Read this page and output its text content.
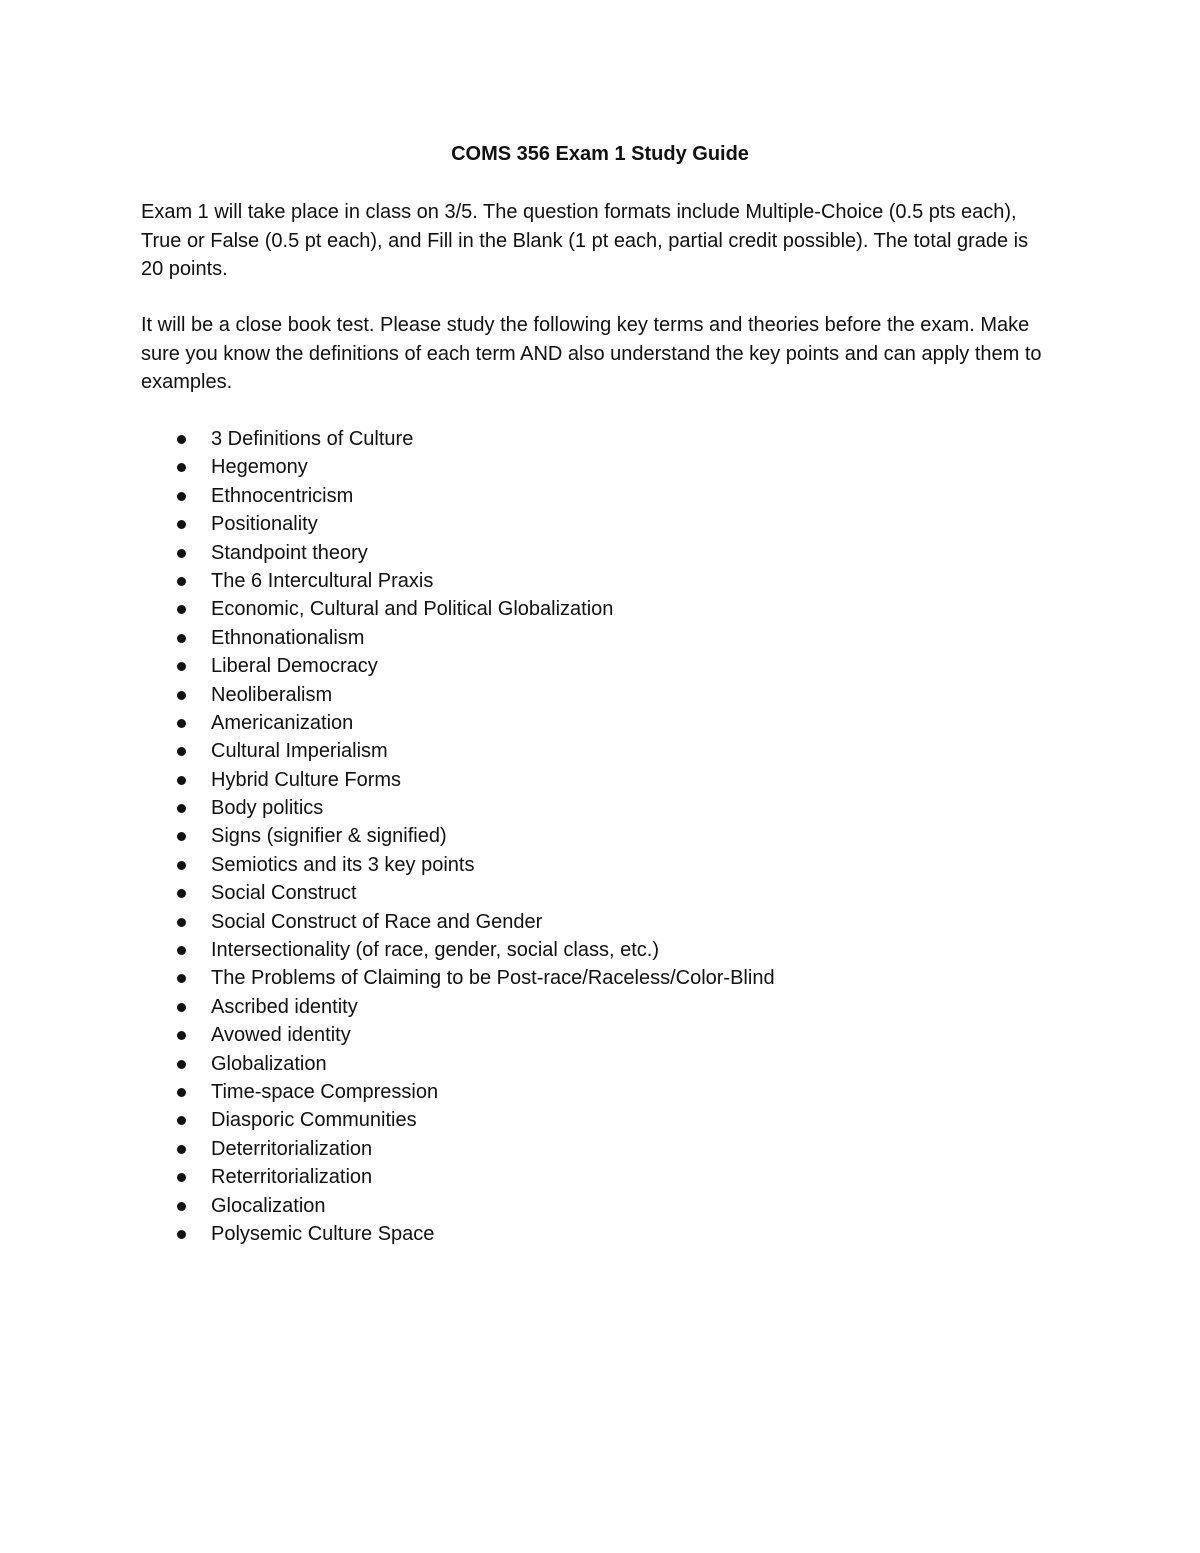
COMS 356 Exam 1 Study Guide

Exam 1 will take place in class on 3/5. The question formats include Multiple-Choice (0.5 pts each), True or False (0.5 pt each), and Fill in the Blank (1 pt each, partial credit possible). The total grade is 20 points.

It will be a close book test. Please study the following key terms and theories before the exam. Make sure you know the definitions of each term AND also understand the key points and can apply them to examples.

3 Definitions of Culture
Hegemony
Ethnocentricism
Positionality
Standpoint theory
The 6 Intercultural Praxis
Economic, Cultural and Political Globalization
Ethnonationalism
Liberal Democracy
Neoliberalism
Americanization
Cultural Imperialism
Hybrid Culture Forms
Body politics
Signs (signifier & signified)
Semiotics and its 3 key points
Social Construct
Social Construct of Race and Gender
Intersectionality (of race, gender, social class, etc.)
The Problems of Claiming to be Post-race/Raceless/Color-Blind
Ascribed identity
Avowed identity
Globalization
Time-space Compression
Diasporic Communities
Deterritorialization
Reterritorialization
Glocalization
Polysemic Culture Space
